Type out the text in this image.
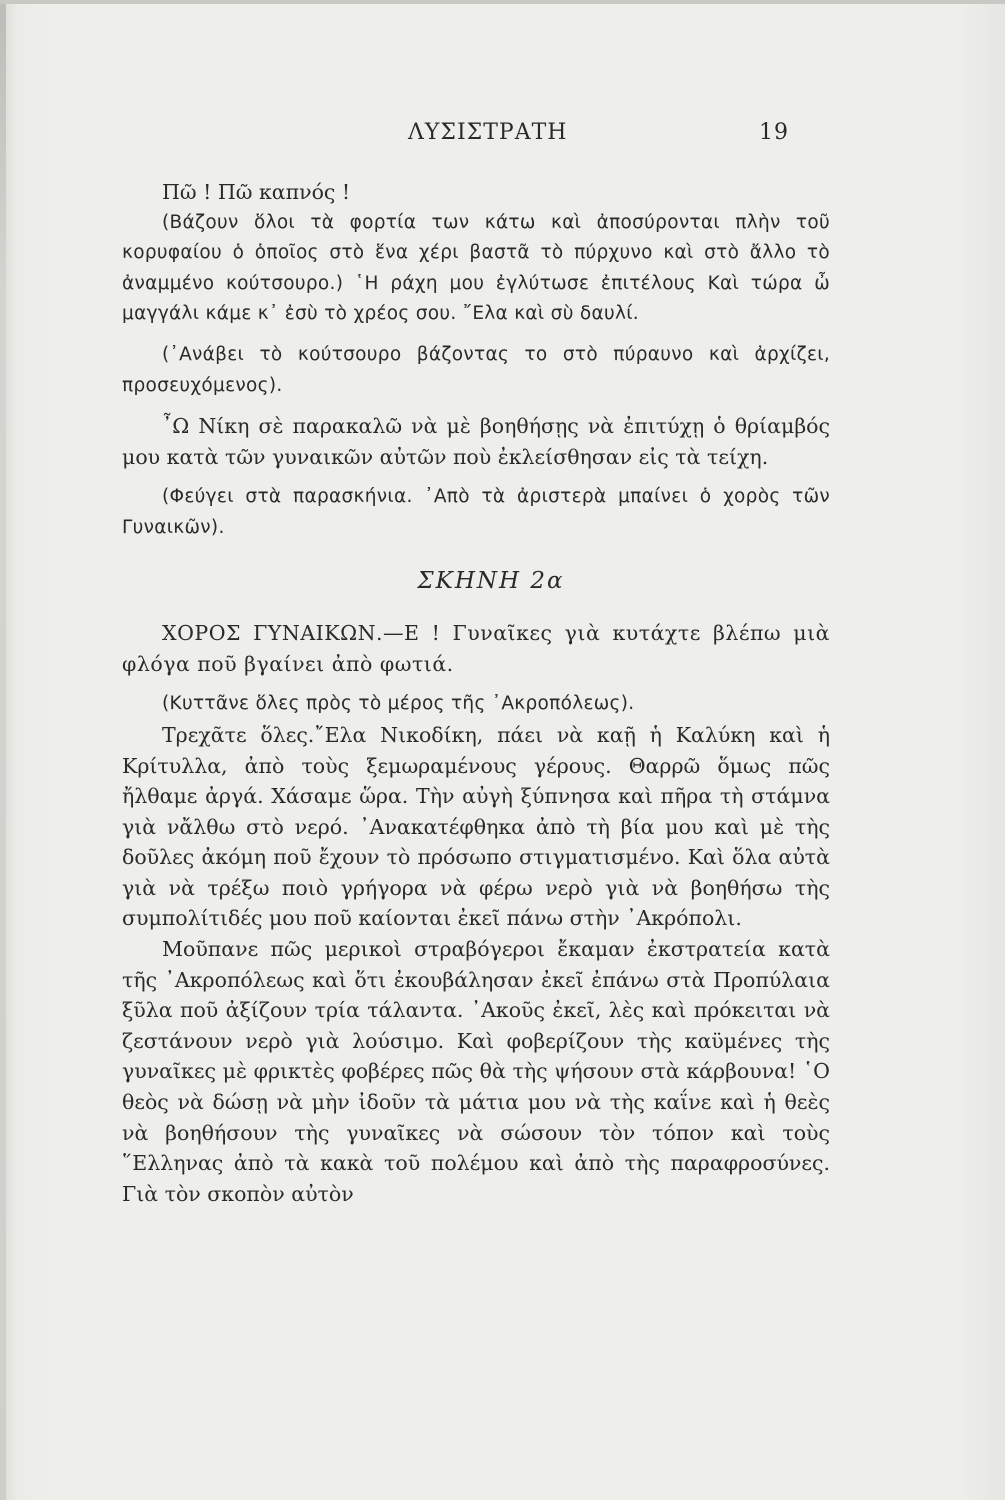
ΛΥΣΙΣΤΡΑΤΗ	19

Πῶ ! Πῶ καπνός !

(Βάζουν ὅλοι τὰ φορτία των κάτω καὶ ἀποσύρονται πλὴν τοῦ κορυφαίου ὁ ὁποῖος στὸ ἕνα χέρι βαστᾶ τὸ πύρχυνο καὶ στὸ ἄλλο τὸ ἀναμμένο κούτσουρο.) ῾Η ράχη μου ἐγλύτωσε ἐπιτέλους Καὶ τώρα ὦ μαγγάλι κάμε κ᾽ ἐσὺ τὸ χρέος σου. ῎Ελα καὶ σὺ δαυλί.

(᾽Ανάβει τὸ κούτσουρο βάζοντας το στὸ πύραυνο καὶ ἀρχίζει, προσευχόμενος).

῏Ω Νίκη σὲ παρακαλῶ νὰ μὲ βοηθήσῃς νὰ ἐπιτύχῃ ὁ θρίαμβός μου κατὰ τῶν γυναικῶν αὐτῶν ποὺ ἐκλείσθησαν εἰς τὰ τείχη.

(Φεύγει στὰ παρασκήνια. ᾽Απὸ τὰ ἀριστερὰ μπαίνει ὁ χορὸς τῶν Γυναικῶν).

ΣΚΗΝΗ 2α

ΧΟΡΟΣ ΓΥΝΑΙΚΩΝ.—Ε ! Γυναῖκες γιὰ κυτάχτε βλέπω μιὰ φλόγα ποῦ βγαίνει ἀπὸ φωτιά.

(Κυττᾶνε ὅλες πρὸς τὸ μέρος τῆς ᾽Ακροπόλεως).

Τρεχᾶτε ὅλες.῎Ελα Νικοδίκη, πάει νὰ καῇ ἡ Καλύκη καὶ ἡ Κρίτυλλα, ἀπὸ τοὺς ξεμωραμένους γέρους. Θαρρῶ ὅμως πῶς ἤλθαμε ἀργά. Χάσαμε ὥρα. Τὴν αὐγὴ ξύπνησα καὶ πῆρα τὴ στάμνα γιὰ νἄλθω στὸ νερό. ᾽Ανακατέφθηκα ἀπὸ τὴ βία μου καὶ μὲ τὴς δοῦλες ἀκόμη ποῦ ἔχουν τὸ πρόσωπο στιγματισμένο. Καὶ ὅλα αὐτὰ γιὰ νὰ τρέξω ποιὸ γρήγορα νὰ φέρω νερὸ γιὰ νὰ βοηθήσω τὴς συμπολίτιδές μου ποῦ καίονται ἐκεῖ πάνω στὴν ᾽Ακρόπολι.

Μοῦπανε πῶς μερικοὶ στραβόγεροι ἔκαμαν ἐκστρατεία κατὰ τῆς ᾽Ακροπόλεως καὶ ὅτι ἐκουβάλησαν ἐκεῖ ἐπάνω στὰ Προπύλαια ξῦλα ποῦ ἀξίζουν τρία τάλαντα. ᾽Ακοῦς ἐκεῖ, λὲς καὶ πρόκειται νὰ ζεστάνουν νερὸ γιὰ λούσιμο. Καὶ φοβερίζουν τὴς καϋμένες τὴς γυναῖκες μὲ φρικτὲς φοβέρες πῶς θὰ τὴς ψήσουν στὰ κάρβουνα! ῾Ο θεὸς νὰ δώσῃ νὰ μὴν ἰδοῦν τὰ μάτια μου νὰ τὴς καΐνε καὶ ἡ θεὲς νὰ βοηθήσουν τὴς γυναῖκες νὰ σώσουν τὸν τόπον καὶ τοὺς ῞Ελληνας ἀπὸ τὰ κακὰ τοῦ πολέμου καὶ ἀπὸ τὴς παραφροσύνες. Γιὰ τὸν σκοπὸν αὐτὸν
